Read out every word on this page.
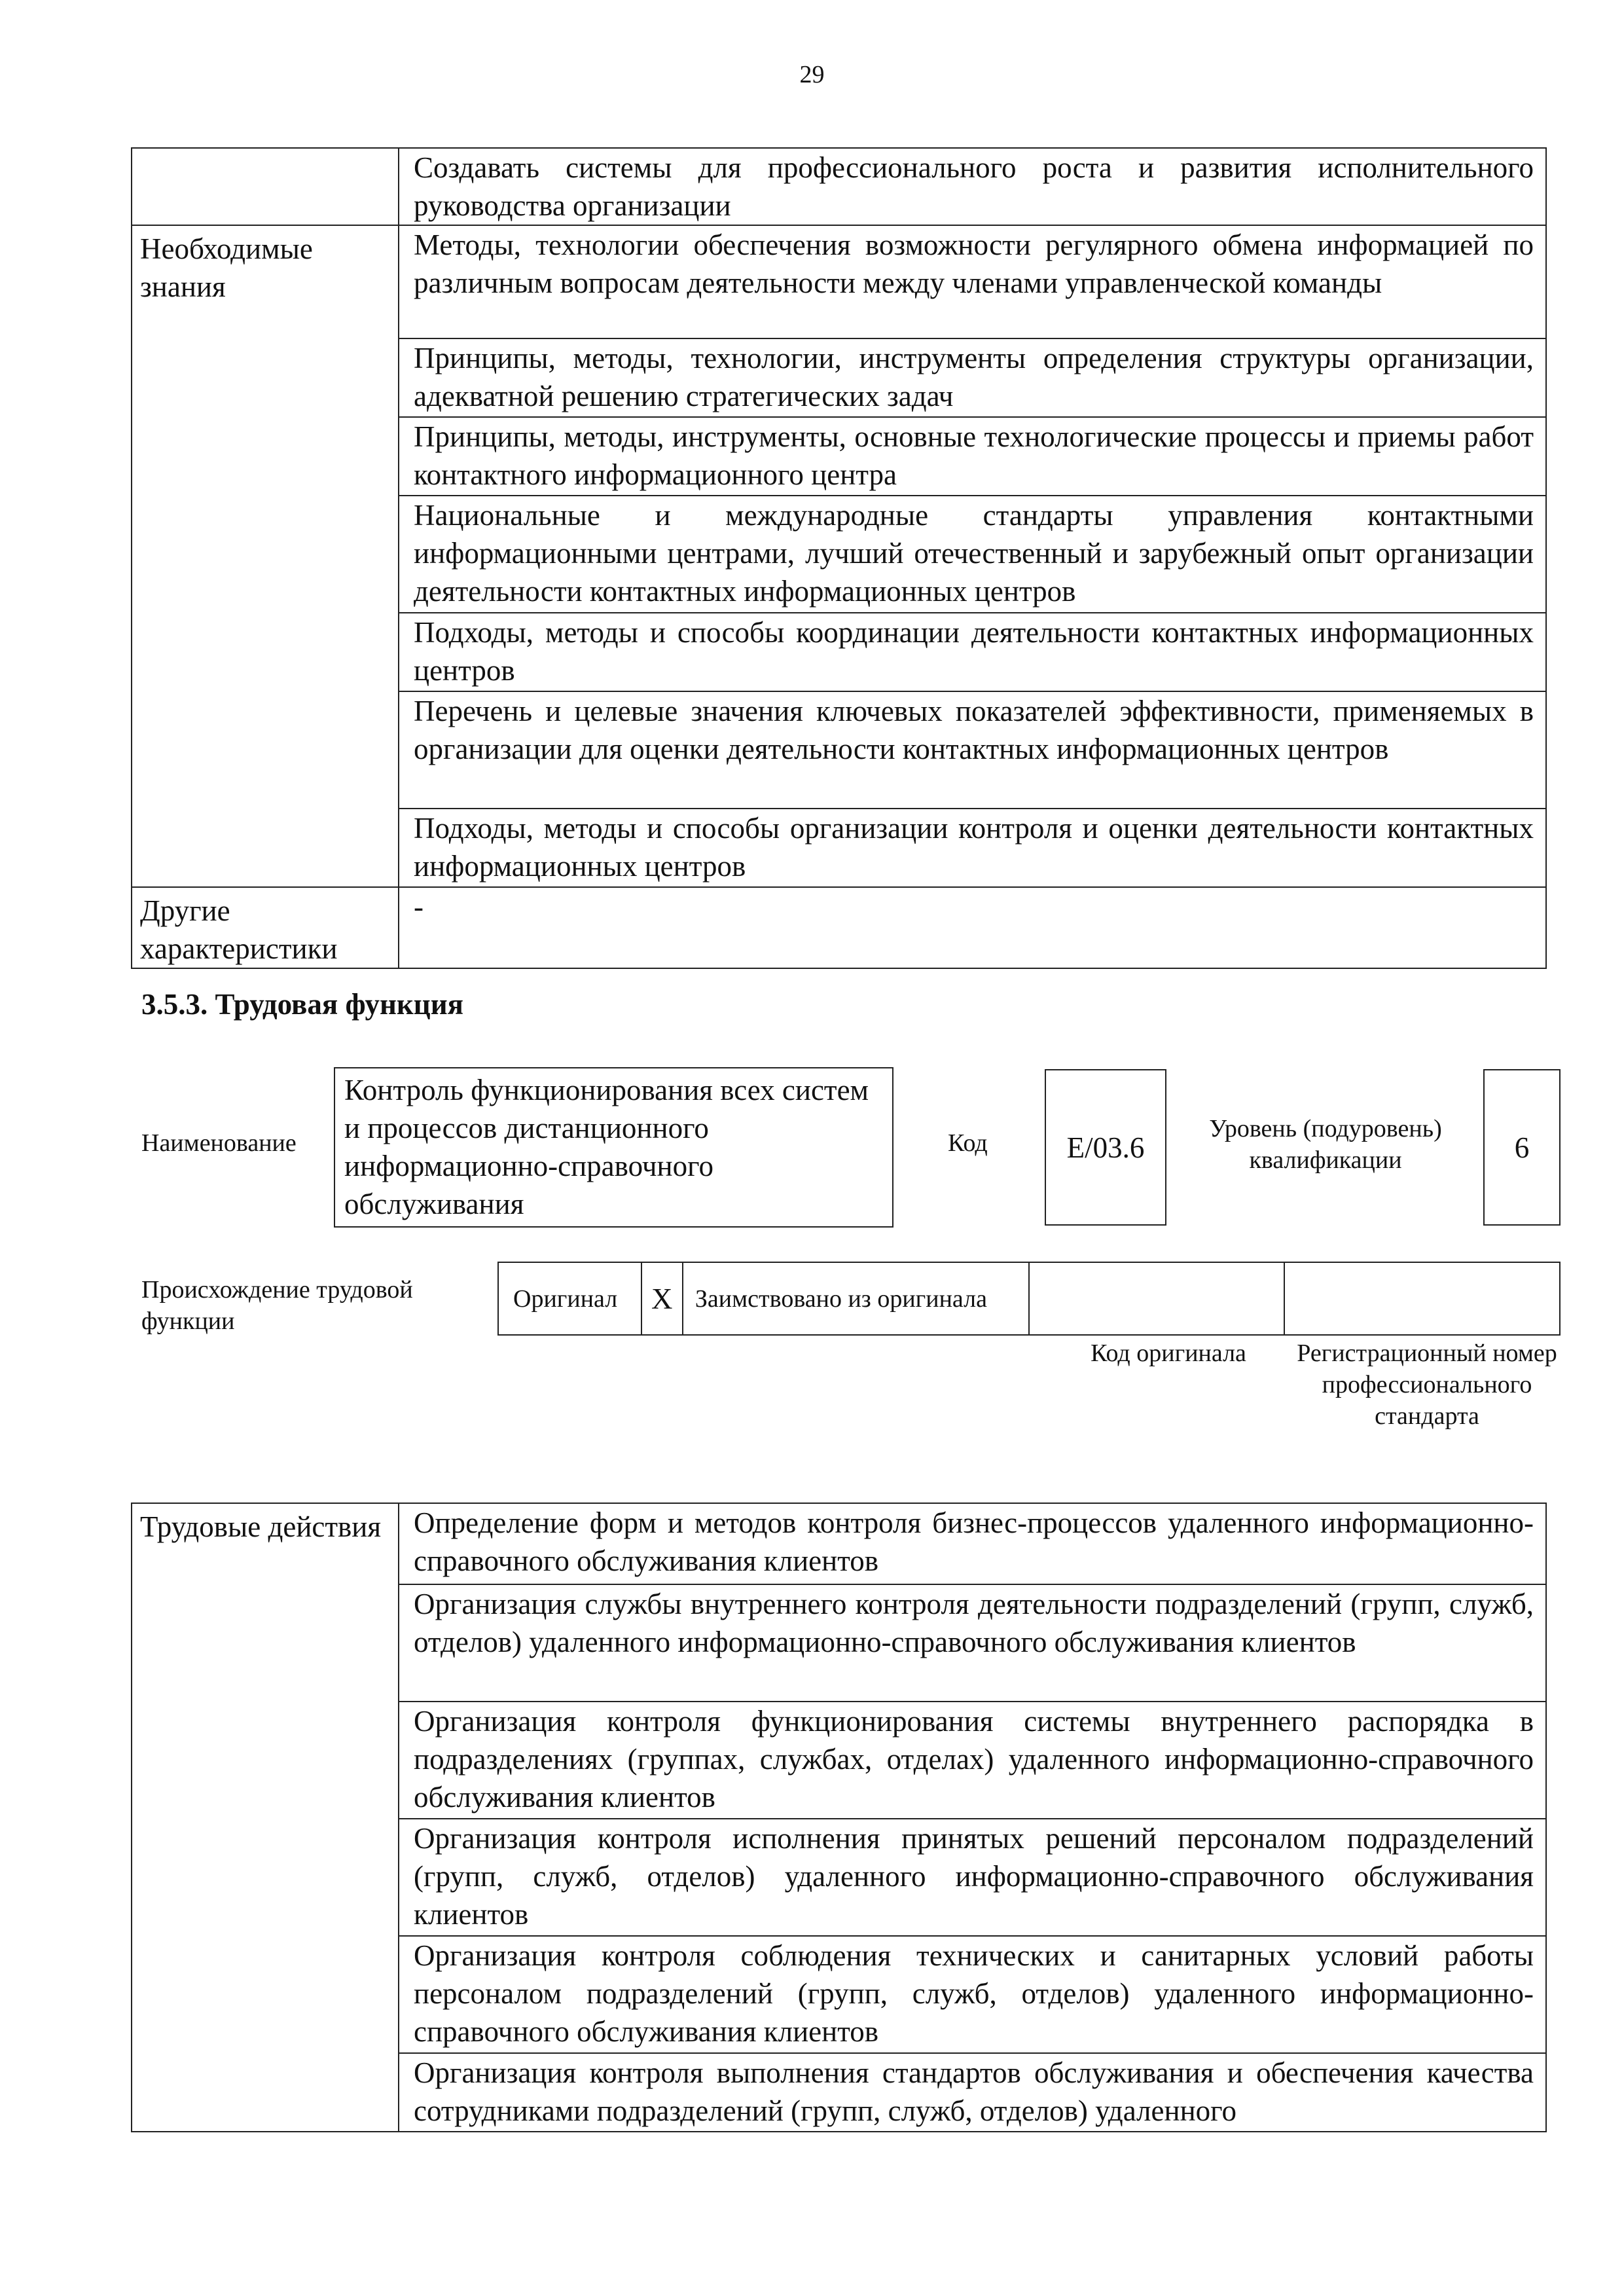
29
	Создавать системы для профессионального роста и развития исполнительного руководства организации
Необходимые знания	Методы, технологии обеспечения возможности регулярного обмена информацией по различным вопросам деятельности между членами управленческой команды
	Принципы, методы, технологии, инструменты определения структуры организации, адекватной решению стратегических задач
	Принципы, методы, инструменты, основные технологические процессы и приемы работ контактного информационного центра
	Национальные и международные стандарты управления контактными информационными центрами, лучший отечественный и зарубежный опыт организации деятельности контактных информационных центров
	Подходы, методы и способы координации деятельности контактных информационных центров
	Перечень и целевые значения ключевых показателей эффективности, применяемых в организации для оценки деятельности контактных информационных центров
	Подходы, методы и способы организации контроля и оценки деятельности контактных информационных центров
Другие характеристики	-
3.5.3. Трудовая функция
Наименование
Контроль функционирования всех систем и процессов дистанционного информационно-справочного обслуживания
Код	E/03.6
Уровень (подуровень) квалификации	6
Происхождение трудовой функции
Оригинал	X	Заимствовано из оригинала		
Код оригинала	Регистрационный номер профессионального стандарта
Трудовые действия	Определение форм и методов контроля бизнес-процессов удаленного информационно-справочного обслуживания клиентов
Организация службы внутреннего контроля деятельности подразделений (групп, служб, отделов) удаленного информационно-справочного обслуживания клиентов
Организация контроля функционирования системы внутреннего распорядка в подразделениях (группах, службах, отделах) удаленного информационно-справочного обслуживания клиентов
Организация контроля исполнения принятых решений персоналом подразделений (групп, служб, отделов) удаленного информационно-справочного обслуживания клиентов
Организация контроля соблюдения технических и санитарных условий работы персоналом подразделений (групп, служб, отделов) удаленного информационно-справочного обслуживания клиентов
Организация контроля выполнения стандартов обслуживания и обеспечения качества сотрудниками подразделений (групп, служб, отделов) удаленного
